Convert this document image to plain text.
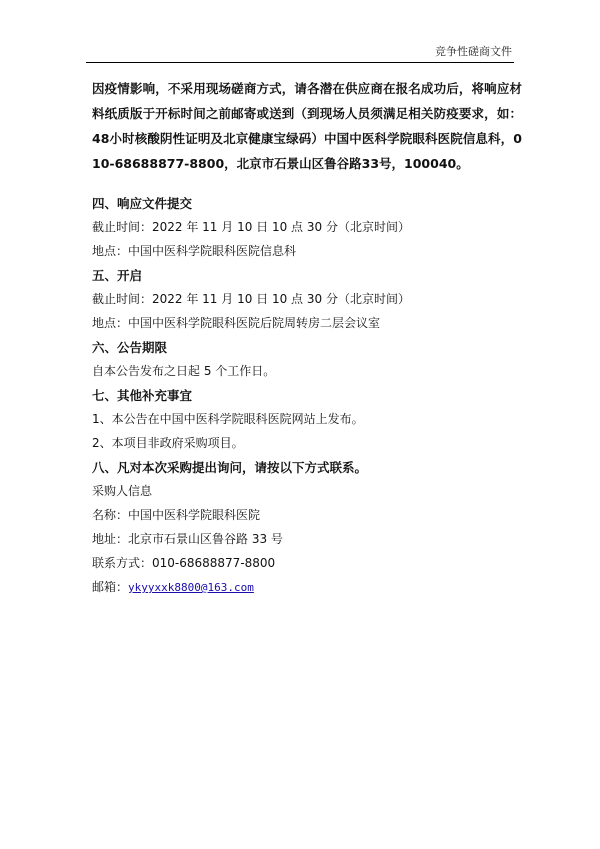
竞争性磋商文件

因疫情影响，不采用现场磋商方式，请各潜在供应商在报名成功后，将响应材料纸质版于开标时间之前邮寄或送到（到现场人员须满足相关防疫要求，如：48小时核酸阴性证明及北京健康宝绿码）中国中医科学院眼科医院信息科，010-68688877-8800，北京市石景山区鲁谷路33号，100040。

四、响应文件提交

截止时间：2022 年 11 月 10 日 10 点 30 分（北京时间）

地点：中国中医科学院眼科医院信息科

五、开启

截止时间：2022 年 11 月 10 日 10 点 30 分（北京时间）

地点：中国中医科学院眼科医院后院周转房二层会议室

六、公告期限

自本公告发布之日起 5 个工作日。

七、其他补充事宜

1、本公告在中国中医科学院眼科医院网站上发布。

2、本项目非政府采购项目。

八、凡对本次采购提出询问，请按以下方式联系。

采购人信息

名称：中国中医科学院眼科医院

地址：北京市石景山区鲁谷路 33 号

联系方式：010-68688877-8800

邮箱：ykyyxxk8800@163.com
